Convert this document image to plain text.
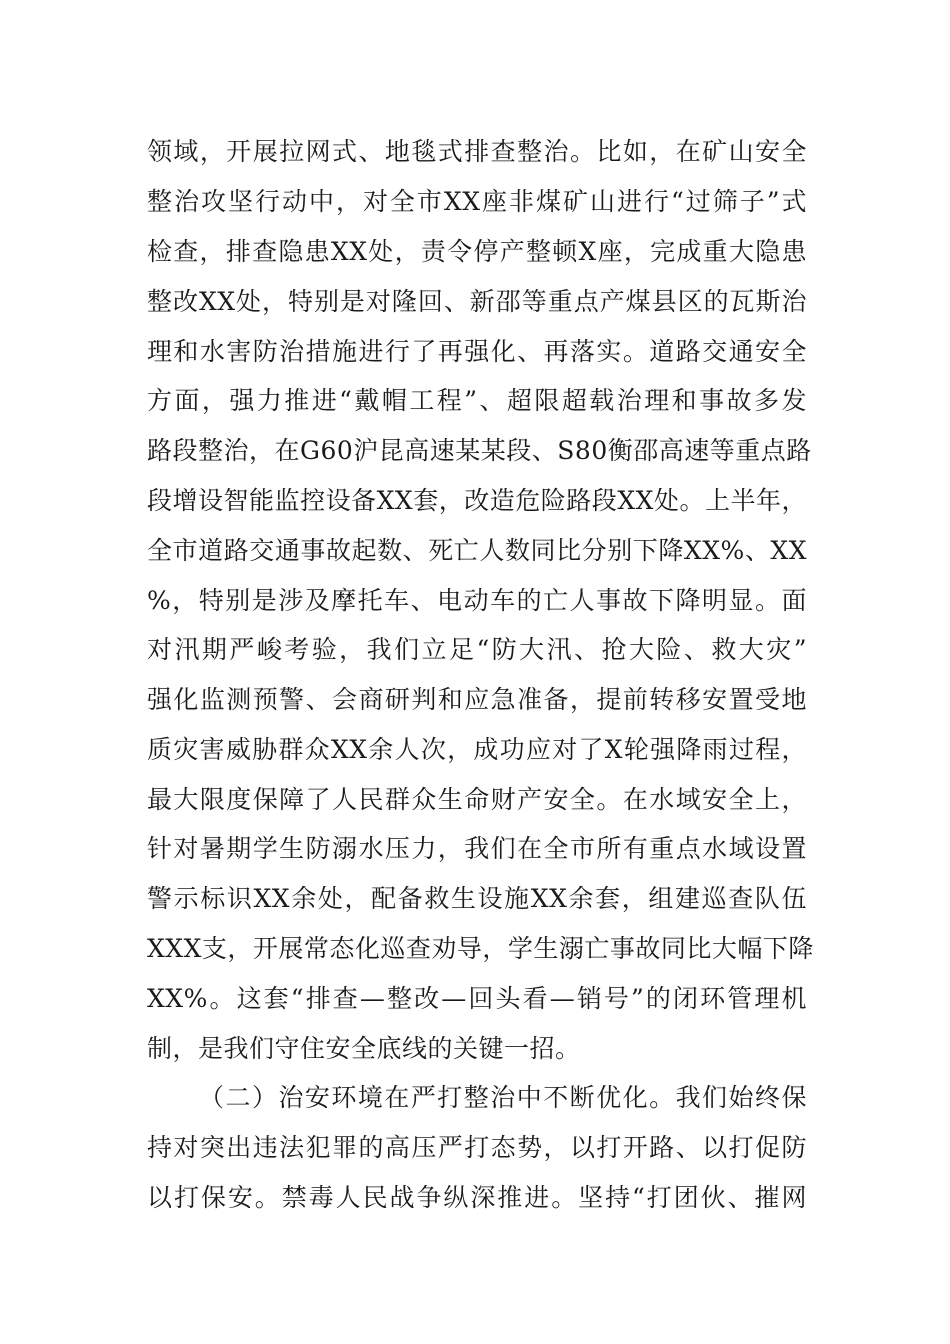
领域，开展拉网式、地毯式排查整治。比如，在矿山安全
整治攻坚行动中，对全市XX座非煤矿山进行“过筛子”式
检查，排查隐患XX处，责令停产整顿X座，完成重大隐患
整改XX处，特别是对隆回、新邵等重点产煤县区的瓦斯治
理和水害防治措施进行了再强化、再落实。道路交通安全
方面，强力推进“戴帽工程”、超限超载治理和事故多发
路段整治，在G60沪昆高速某某段、S80衡邵高速等重点路
段增设智能监控设备XX套，改造危险路段XX处。上半年，
全市道路交通事故起数、死亡人数同比分别下降XX%、XX
%，特别是涉及摩托车、电动车的亡人事故下降明显。面
对汛期严峻考验，我们立足“防大汛、抢大险、救大灾”
强化监测预警、会商研判和应急准备，提前转移安置受地
质灾害威胁群众XX余人次，成功应对了X轮强降雨过程，
最大限度保障了人民群众生命财产安全。在水域安全上，
针对暑期学生防溺水压力，我们在全市所有重点水域设置
警示标识XX余处，配备救生设施XX余套，组建巡查队伍
XXX支，开展常态化巡查劝导，学生溺亡事故同比大幅下降
XX%。这套“排查—整改—回头看—销号”的闭环管理机
制，是我们守住安全底线的关键一招。
（二）治安环境在严打整治中不断优化。我们始终保
持对突出违法犯罪的高压严打态势，以打开路、以打促防
以打保安。禁毒人民战争纵深推进。坚持“打团伙、摧网
